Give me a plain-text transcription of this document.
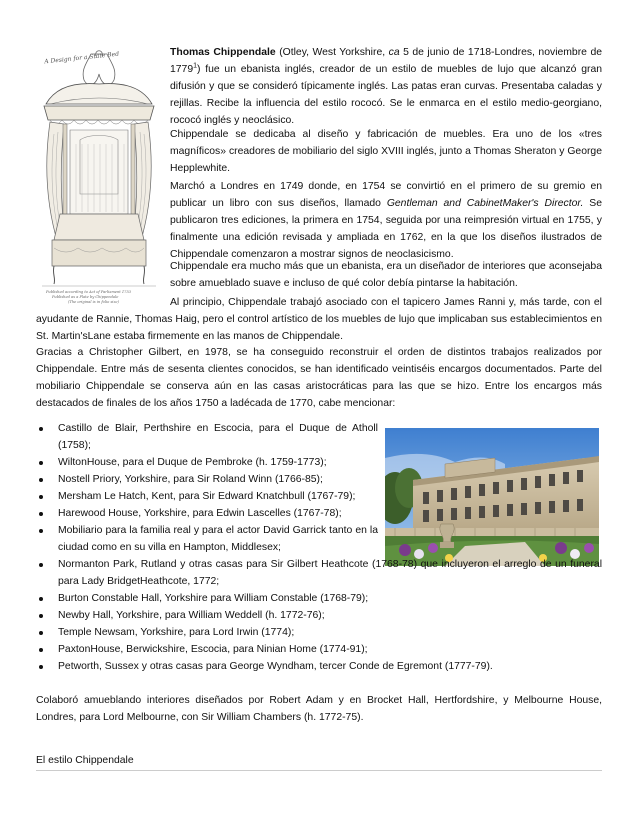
A Design for a State Bed
Published according to Act of Parliament 1753
Published as a Plate by Chippendale
(The original is in folio size)

Thomas Chippendale (Otley, West Yorkshire, ca 5 de junio de 1718-Londres, noviembre de 1779$^1$) fue un ebanista inglés, creador de un estilo de muebles de lujo que alcanzó gran difusión y que se consideró típicamente inglés. Las patas eran curvas. Presentaba caladas y rejillas. Recibe la influencia del estilo rococó. Se le enmarca en el estilo medio-georgiano, rococó inglés y neoclásico.

Chippendale se dedicaba al diseño y fabricación de muebles. Era uno de los «tres magníficos» creadores de mobiliario del siglo XVIII inglés, junto a Thomas Sheraton y George Hepplewhite.

Marchó a Londres en 1749 donde, en 1754 se convirtió en el primero de su gremio en publicar un libro con sus diseños, llamado Gentleman and CabinetMaker's Director. Se publicaron tres ediciones, la primera en 1754, seguida por una reimpresión virtual en 1755, y finalmente una edición revisada y ampliada en 1762, en la que los diseños ilustrados de Chippendale comenzaron a mostrar signos de neoclasicismo.

Chippendale era mucho más que un ebanista, era un diseñador de interiores que aconsejaba sobre amueblado suave e incluso de qué color debía pintarse la habitación.

Al principio, Chippendale trabajó asociado con el tapicero James Ranni y, más tarde, con el ayudante de Rannie, Thomas Haig, pero el control artístico de los muebles de lujo que implicaban sus establecimientos en St. Martin'sLane estaba firmemente en las manos de Chippendale.

Gracias a Christopher Gilbert, en 1978, se ha conseguido reconstruir el orden de distintos trabajos realizados por Chippendale. Entre más de sesenta clientes conocidos, se han identificado veintiséis encargos documentados. Parte del mobiliario Chippendale se conserva aún en las casas aristocráticas para las que se hizo. Entre los encargos más destacados de finales de los años 1750 a ladécada de 1770, cabe mencionar:

Castillo de Blair, Perthshire en Escocia, para el Duque de Atholl (1758);
WiltonHouse, para el Duque de Pembroke (h. 1759-1773);
Nostell Priory, Yorkshire, para Sir Roland Winn (1766-85);
Mersham Le Hatch, Kent, para Sir Edward Knatchbull (1767-79);
Harewood House, Yorkshire, para Edwin Lascelles (1767-78);
Mobiliario para la familia real y para el actor David Garrick tanto en la ciudad como en su villa en Hampton, Middlesex;
Normanton Park, Rutland y otras casas para Sir Gilbert Heathcote (1768-78) que incluyeron el arreglo de un funeral para Lady BridgetHeathcote, 1772;
Burton Constable Hall, Yorkshire para William Constable (1768-79);
Newby Hall, Yorkshire, para William Weddell (h. 1772-76);
Temple Newsam, Yorkshire, para Lord Irwin (1774);
PaxtonHouse, Berwickshire, Escocia, para Ninian Home (1774-91);
Petworth, Sussex y otras casas para George Wyndham, tercer Conde de Egremont (1777-79).

Colaboró amueblando interiores diseñados por Robert Adam y en Brocket Hall, Hertfordshire, y Melbourne House, Londres, para Lord Melbourne, con Sir William Chambers (h. 1772-75).

El estilo Chippendale
